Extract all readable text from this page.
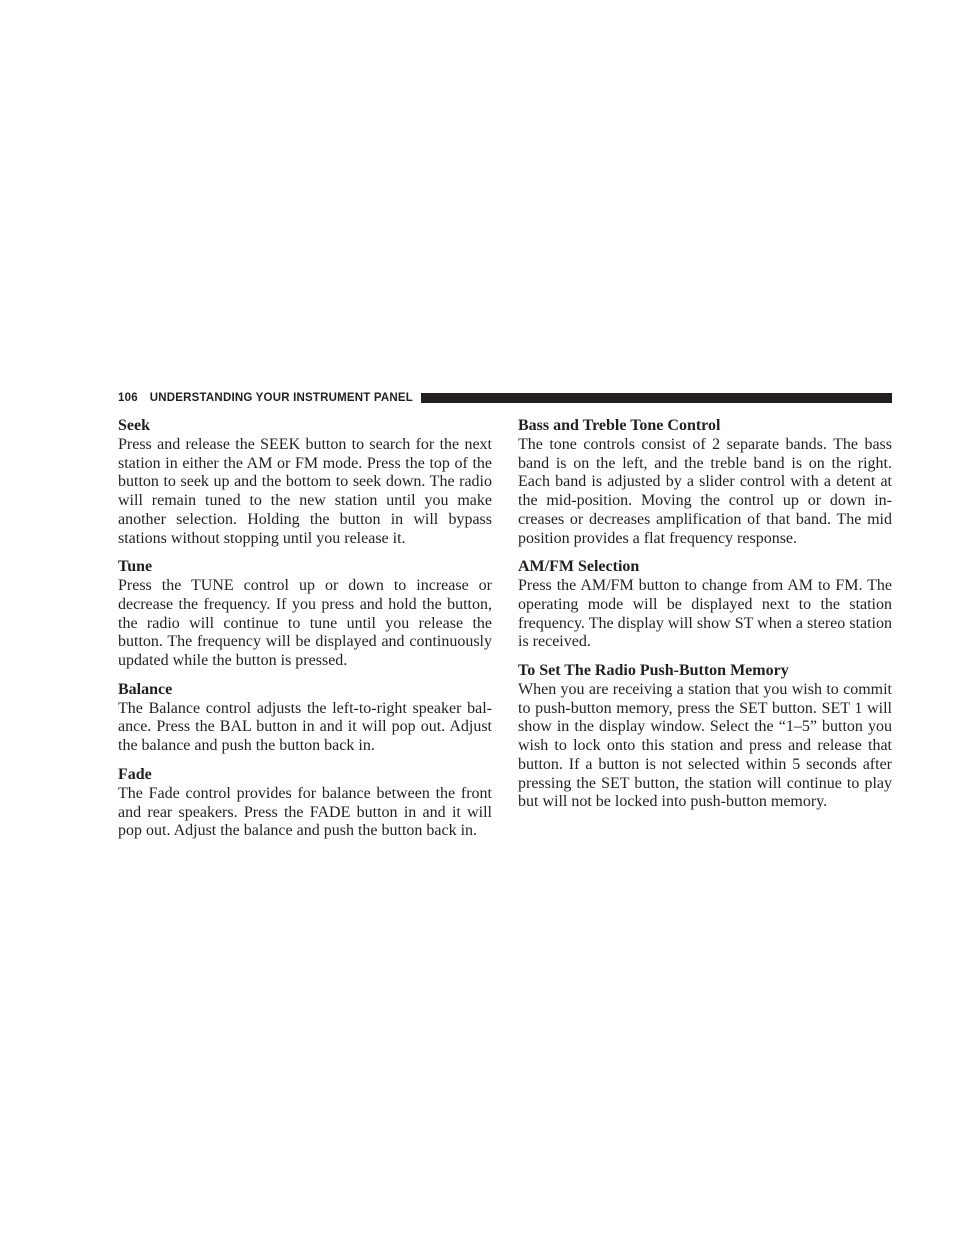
106 UNDERSTANDING YOUR INSTRUMENT PANEL
Seek

Press and release the SEEK button to search for the next station in either the AM or FM mode. Press the top of the button to seek up and the bottom to seek down. The radio will remain tuned to the new station until you make another selection. Holding the button in will bypass stations without stopping until you release it.

Tune

Press the TUNE control up or down to increase or decrease the frequency. If you press and hold the button, the radio will continue to tune until you release the button. The frequency will be displayed and continuously updated while the button is pressed.

Balance

The Balance control adjusts the left-to-right speaker balance. Press the BAL button in and it will pop out. Adjust the balance and push the button back in.

Fade

The Fade control provides for balance between the front and rear speakers. Press the FADE button in and it will pop out. Adjust the balance and push the button back in.

Bass and Treble Tone Control

The tone controls consist of 2 separate bands. The bass band is on the left, and the treble band is on the right. Each band is adjusted by a slider control with a detent at the mid-position. Moving the control up or down increases or decreases amplification of that band. The mid position provides a flat frequency response.

AM/FM Selection

Press the AM/FM button to change from AM to FM. The operating mode will be displayed next to the station frequency. The display will show ST when a stereo station is received.

To Set The Radio Push-Button Memory

When you are receiving a station that you wish to commit to push-button memory, press the SET button. SET 1 will show in the display window. Select the “1–5” button you wish to lock onto this station and press and release that button. If a button is not selected within 5 seconds after pressing the SET button, the station will continue to play but will not be locked into push-button memory.
